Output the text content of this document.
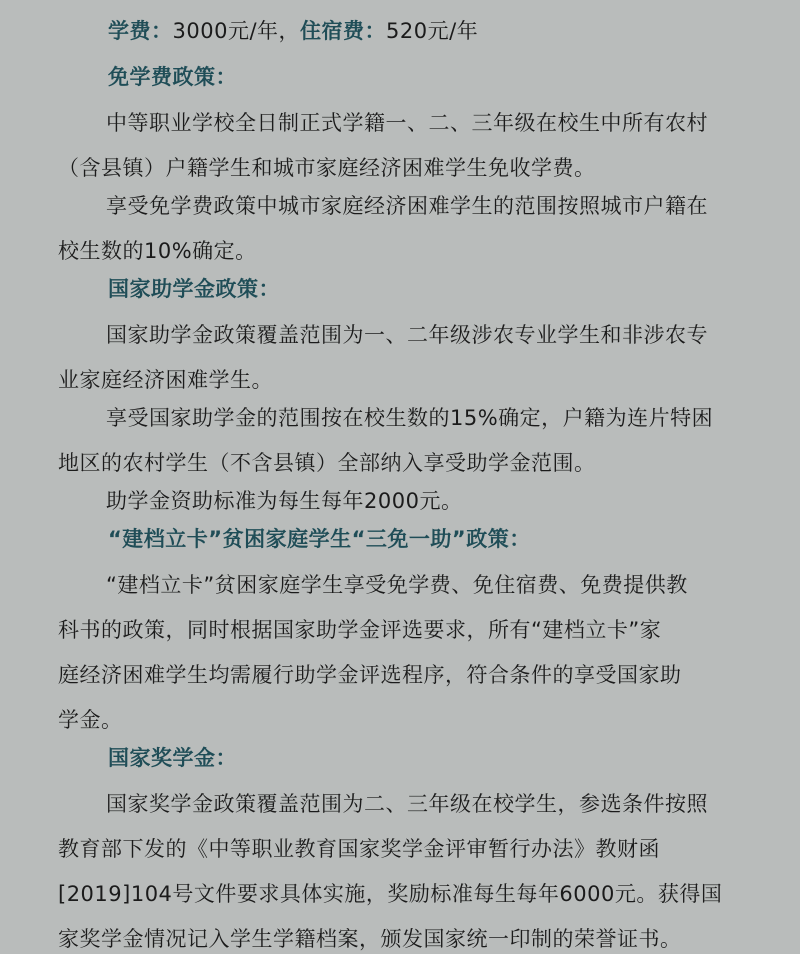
学费：3000元/年，住宿费：520元/年

免学费政策：

中等职业学校全日制正式学籍一、二、三年级在校生中所有农村

（含县镇）户籍学生和城市家庭经济困难学生免收学费。

享受免学费政策中城市家庭经济困难学生的范围按照城市户籍在

校生数的10%确定。

国家助学金政策：

国家助学金政策覆盖范围为一、二年级涉农专业学生和非涉农专

业家庭经济困难学生。

享受国家助学金的范围按在校生数的15%确定，户籍为连片特困

地区的农村学生（不含县镇）全部纳入享受助学金范围。

助学金资助标准为每生每年2000元。

“建档立卡”贫困家庭学生“三免一助”政策：

“建档立卡”贫困家庭学生享受免学费、免住宿费、免费提供教

科书的政策，同时根据国家助学金评选要求，所有“建档立卡”家

庭经济困难学生均需履行助学金评选程序，符合条件的享受国家助

学金。

国家奖学金：

国家奖学金政策覆盖范围为二、三年级在校学生，参选条件按照

教育部下发的《中等职业教育国家奖学金评审暂行办法》教财函

[2019]104号文件要求具体实施，奖励标准每生每年6000元。获得国

家奖学金情况记入学生学籍档案，颁发国家统一印制的荣誉证书。
